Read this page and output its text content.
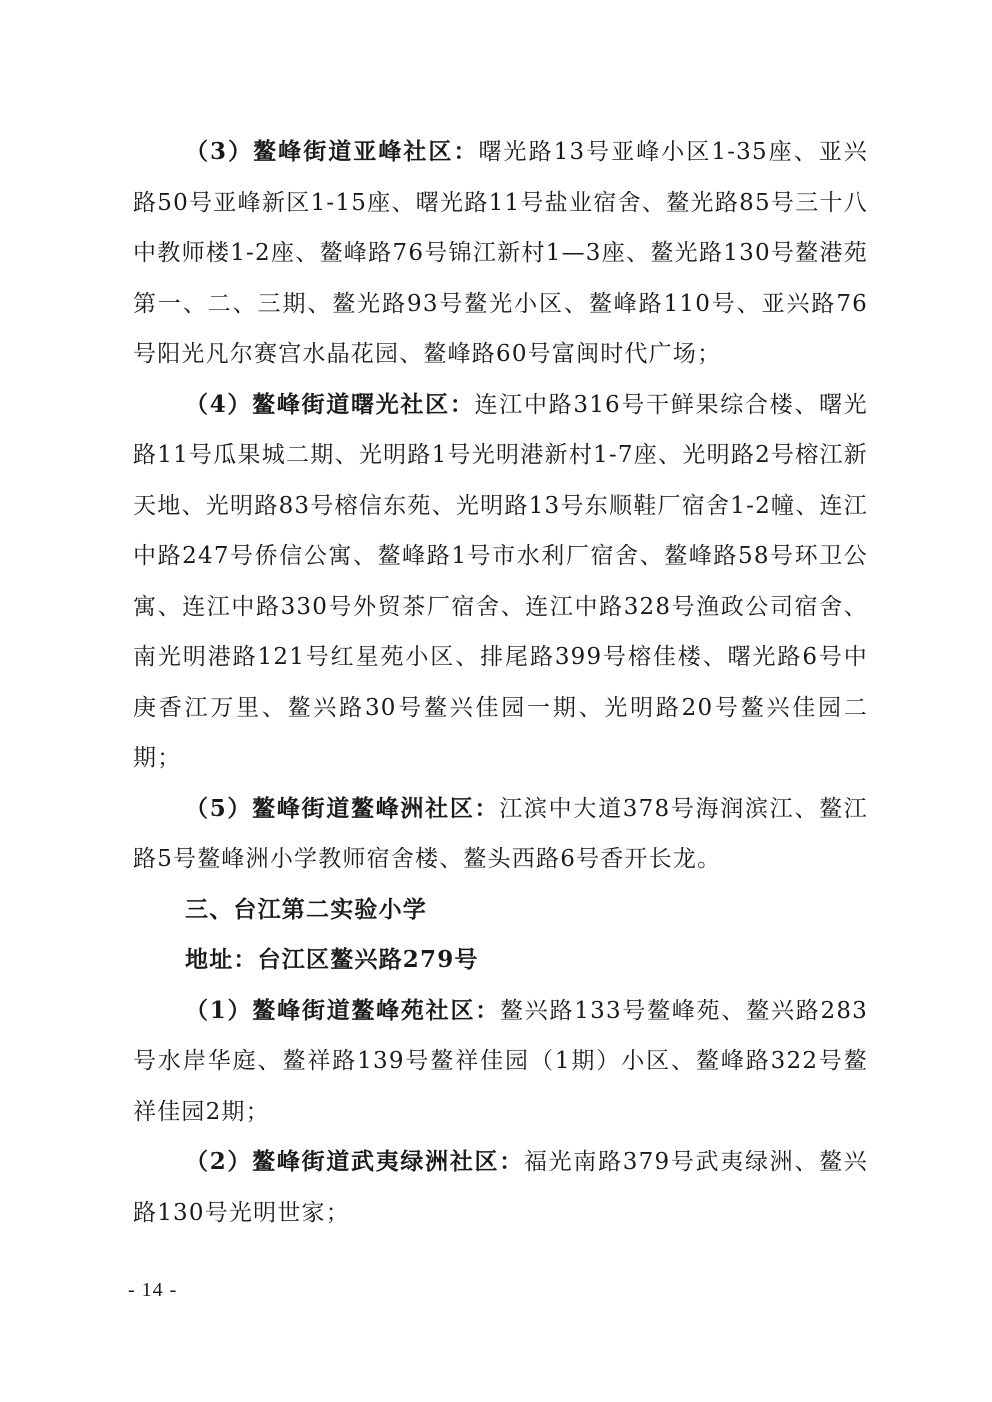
（3）鳌峰街道亚峰社区：曙光路13号亚峰小区1-35座、亚兴路50号亚峰新区1-15座、曙光路11号盐业宿舍、鳌光路85号三十八中教师楼1-2座、鳌峰路76号锦江新村1—3座、鳌光路130号鳌港苑第一、二、三期、鳌光路93号鳌光小区、鳌峰路110号、亚兴路76号阳光凡尔赛宫水晶花园、鳌峰路60号富闽时代广场；

（4）鳌峰街道曙光社区：连江中路316号干鲜果综合楼、曙光路11号瓜果城二期、光明路1号光明港新村1-7座、光明路2号榕江新天地、光明路83号榕信东苑、光明路13号东顺鞋厂宿舍1-2幢、连江中路247号侨信公寓、鳌峰路1号市水利厂宿舍、鳌峰路58号环卫公寓、连江中路330号外贸茶厂宿舍、连江中路328号渔政公司宿舍、南光明港路121号红星苑小区、排尾路399号榕佳楼、曙光路6号中庚香江万里、鳌兴路30号鳌兴佳园一期、光明路20号鳌兴佳园二期；

（5）鳌峰街道鳌峰洲社区：江滨中大道378号海润滨江、鳌江路5号鳌峰洲小学教师宿舍楼、鳌头西路6号香开长龙。

三、台江第二实验小学

地址：台江区鳌兴路279号

（1）鳌峰街道鳌峰苑社区：鳌兴路133号鳌峰苑、鳌兴路283号水岸华庭、鳌祥路139号鳌祥佳园（1期）小区、鳌峰路322号鳌祥佳园2期；

（2）鳌峰街道武夷绿洲社区：福光南路379号武夷绿洲、鳌兴路130号光明世家；

- 14 -
